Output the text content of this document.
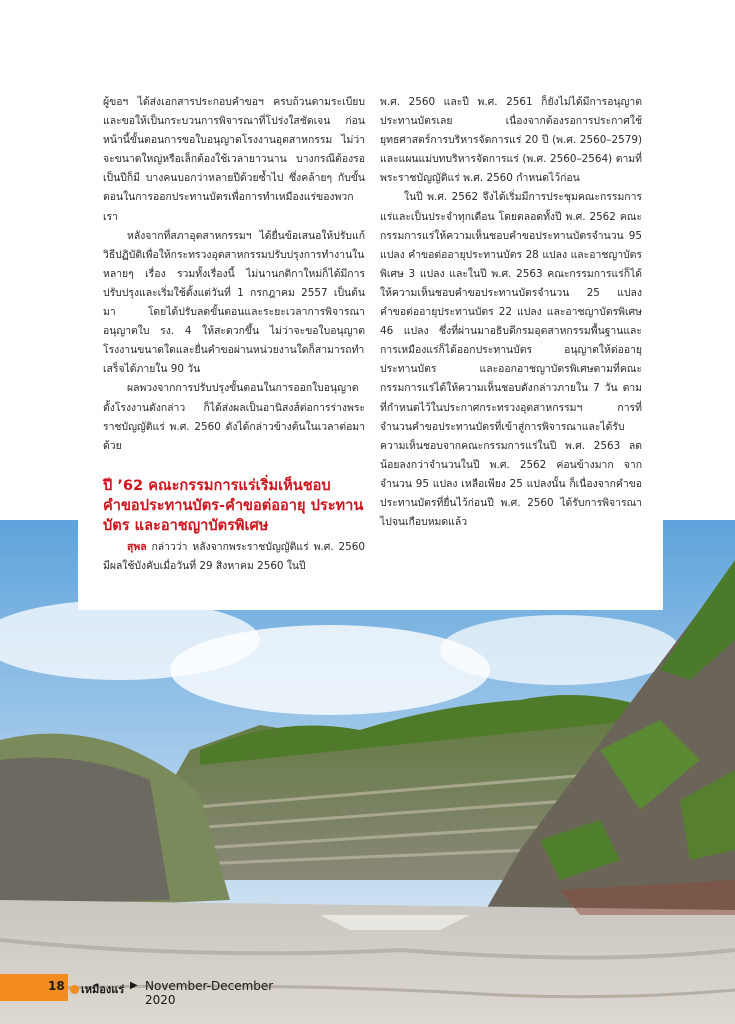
ผู้ขอฯ ได้ส่งเอกสารประกอบคำขอฯ ครบถ้วนตามระเบียบ และขอให้เป็นกระบวนการพิจารณาที่โปร่งใสชัดเจน ก่อนหน้านี้ขั้นตอนการขอใบอนุญาตโรงงานอุตสาหกรรม ไม่ว่าจะขนาดใหญ่หรือเล็กต้องใช้เวลายาวนาน บางกรณีต้องรอเป็นปีก็มี บางคนบอกว่าหลายปีด้วยซ้ำไป ซึ่งคล้ายๆ กับขั้นตอนในการออกประทานบัตรเพื่อการทำเหมืองแร่ของพวกเรา

หลังจากที่สภาอุตสาหกรรมฯ ได้ยื่นข้อเสนอให้ปรับแก้วิธีปฏิบัติเพื่อให้กระทรวงอุตสาหกรรมปรับปรุงการทำงานในหลายๆ เรื่อง รวมทั้งเรื่องนี้ ไม่นานกติกาใหม่ก็ได้มีการปรับปรุงและเริ่มใช้ตั้งแต่วันที่ 1 กรกฎาคม 2557 เป็นต้นมา โดยได้ปรับลดขั้นตอนและระยะเวลาการพิจารณาอนุญาตใบ รง. 4 ให้สะดวกขึ้น ไม่ว่าจะขอใบอนุญาตโรงงานขนาดใดและยื่นคำขอผ่านหน่วยงานใดก็สามารถทำเสร็จได้ภายใน 90 วัน

ผลพวงจากการปรับปรุงขั้นตอนในการออกใบอนุญาตตั้งโรงงานดังกล่าว ก็ได้ส่งผลเป็นอานิสงส์ต่อการร่างพระราชบัญญัติแร่ พ.ศ. 2560 ดังได้กล่าวข้างต้นในเวลาต่อมาด้วย

ปี ’62 คณะกรรมการแร่เริ่มเห็นชอบ คำขอประทานบัตร-คำขอต่ออายุ ประทานบัตร และอาชญาบัตรพิเศษ

สุพล กล่าวว่า หลังจากพระราชบัญญัติแร่ พ.ศ. 2560 มีผลใช้บังคับเมื่อวันที่ 29 สิงหาคม 2560 ในปี

พ.ศ. 2560 และปี พ.ศ. 2561 ก็ยังไม่ได้มีการอนุญาตประทานบัตรเลย เนื่องจากต้องรอการประกาศใช้ยุทธศาสตร์การบริหารจัดการแร่ 20 ปี (พ.ศ. 2560–2579) และแผนแม่บทบริหารจัดการแร่ (พ.ศ. 2560–2564) ตามที่พระราชบัญญัติแร่ พ.ศ. 2560 กำหนดไว้ก่อน

ในปี พ.ศ. 2562 จึงได้เริ่มมีการประชุมคณะกรรมการแร่และเป็นประจำทุกเดือน โดยตลอดทั้งปี พ.ศ. 2562 คณะกรรมการแร่ให้ความเห็นชอบคำขอประทานบัตรจำนวน 95 แปลง คำขอต่ออายุประทานบัตร 28 แปลง และอาชญาบัตรพิเศษ 3 แปลง และในปี พ.ศ. 2563 คณะกรรมการแร่ก็ได้ให้ความเห็นชอบคำขอประทานบัตรจำนวน 25 แปลง คำขอต่ออายุประทานบัตร 22 แปลง และอาชญาบัตรพิเศษ 46 แปลง ซึ่งที่ผ่านมาอธิบดีกรมอุตสาหกรรมพื้นฐานและการเหมืองแร่ก็ได้ออกประทานบัตร อนุญาตให้ต่ออายุประทานบัตร และออกอาชญาบัตรพิเศษตามที่คณะกรรมการแร่ได้ให้ความเห็นชอบดังกล่าวภายใน 7 วัน ตามที่กำหนดไว้ในประกาศกระทรวงอุตสาหกรรมฯ การที่จำนวนคำขอประทานบัตรที่เข้าสู่การพิจารณาและได้รับความเห็นชอบจากคณะกรรมการแร่ในปี พ.ศ. 2563 ลดน้อยลงกว่าจำนวนในปี พ.ศ. 2562 ค่อนข้างมาก จากจำนวน 95 แปลง เหลือเพียง 25 แปลงนั้น ก็เนื่องจากคำขอประทานบัตรที่ยื่นไว้ก่อนปี พ.ศ. 2560 ได้รับการพิจารณาไปจนเกือบหมดแล้ว

18	เหมืองแร่ ▶ November-December 2020
